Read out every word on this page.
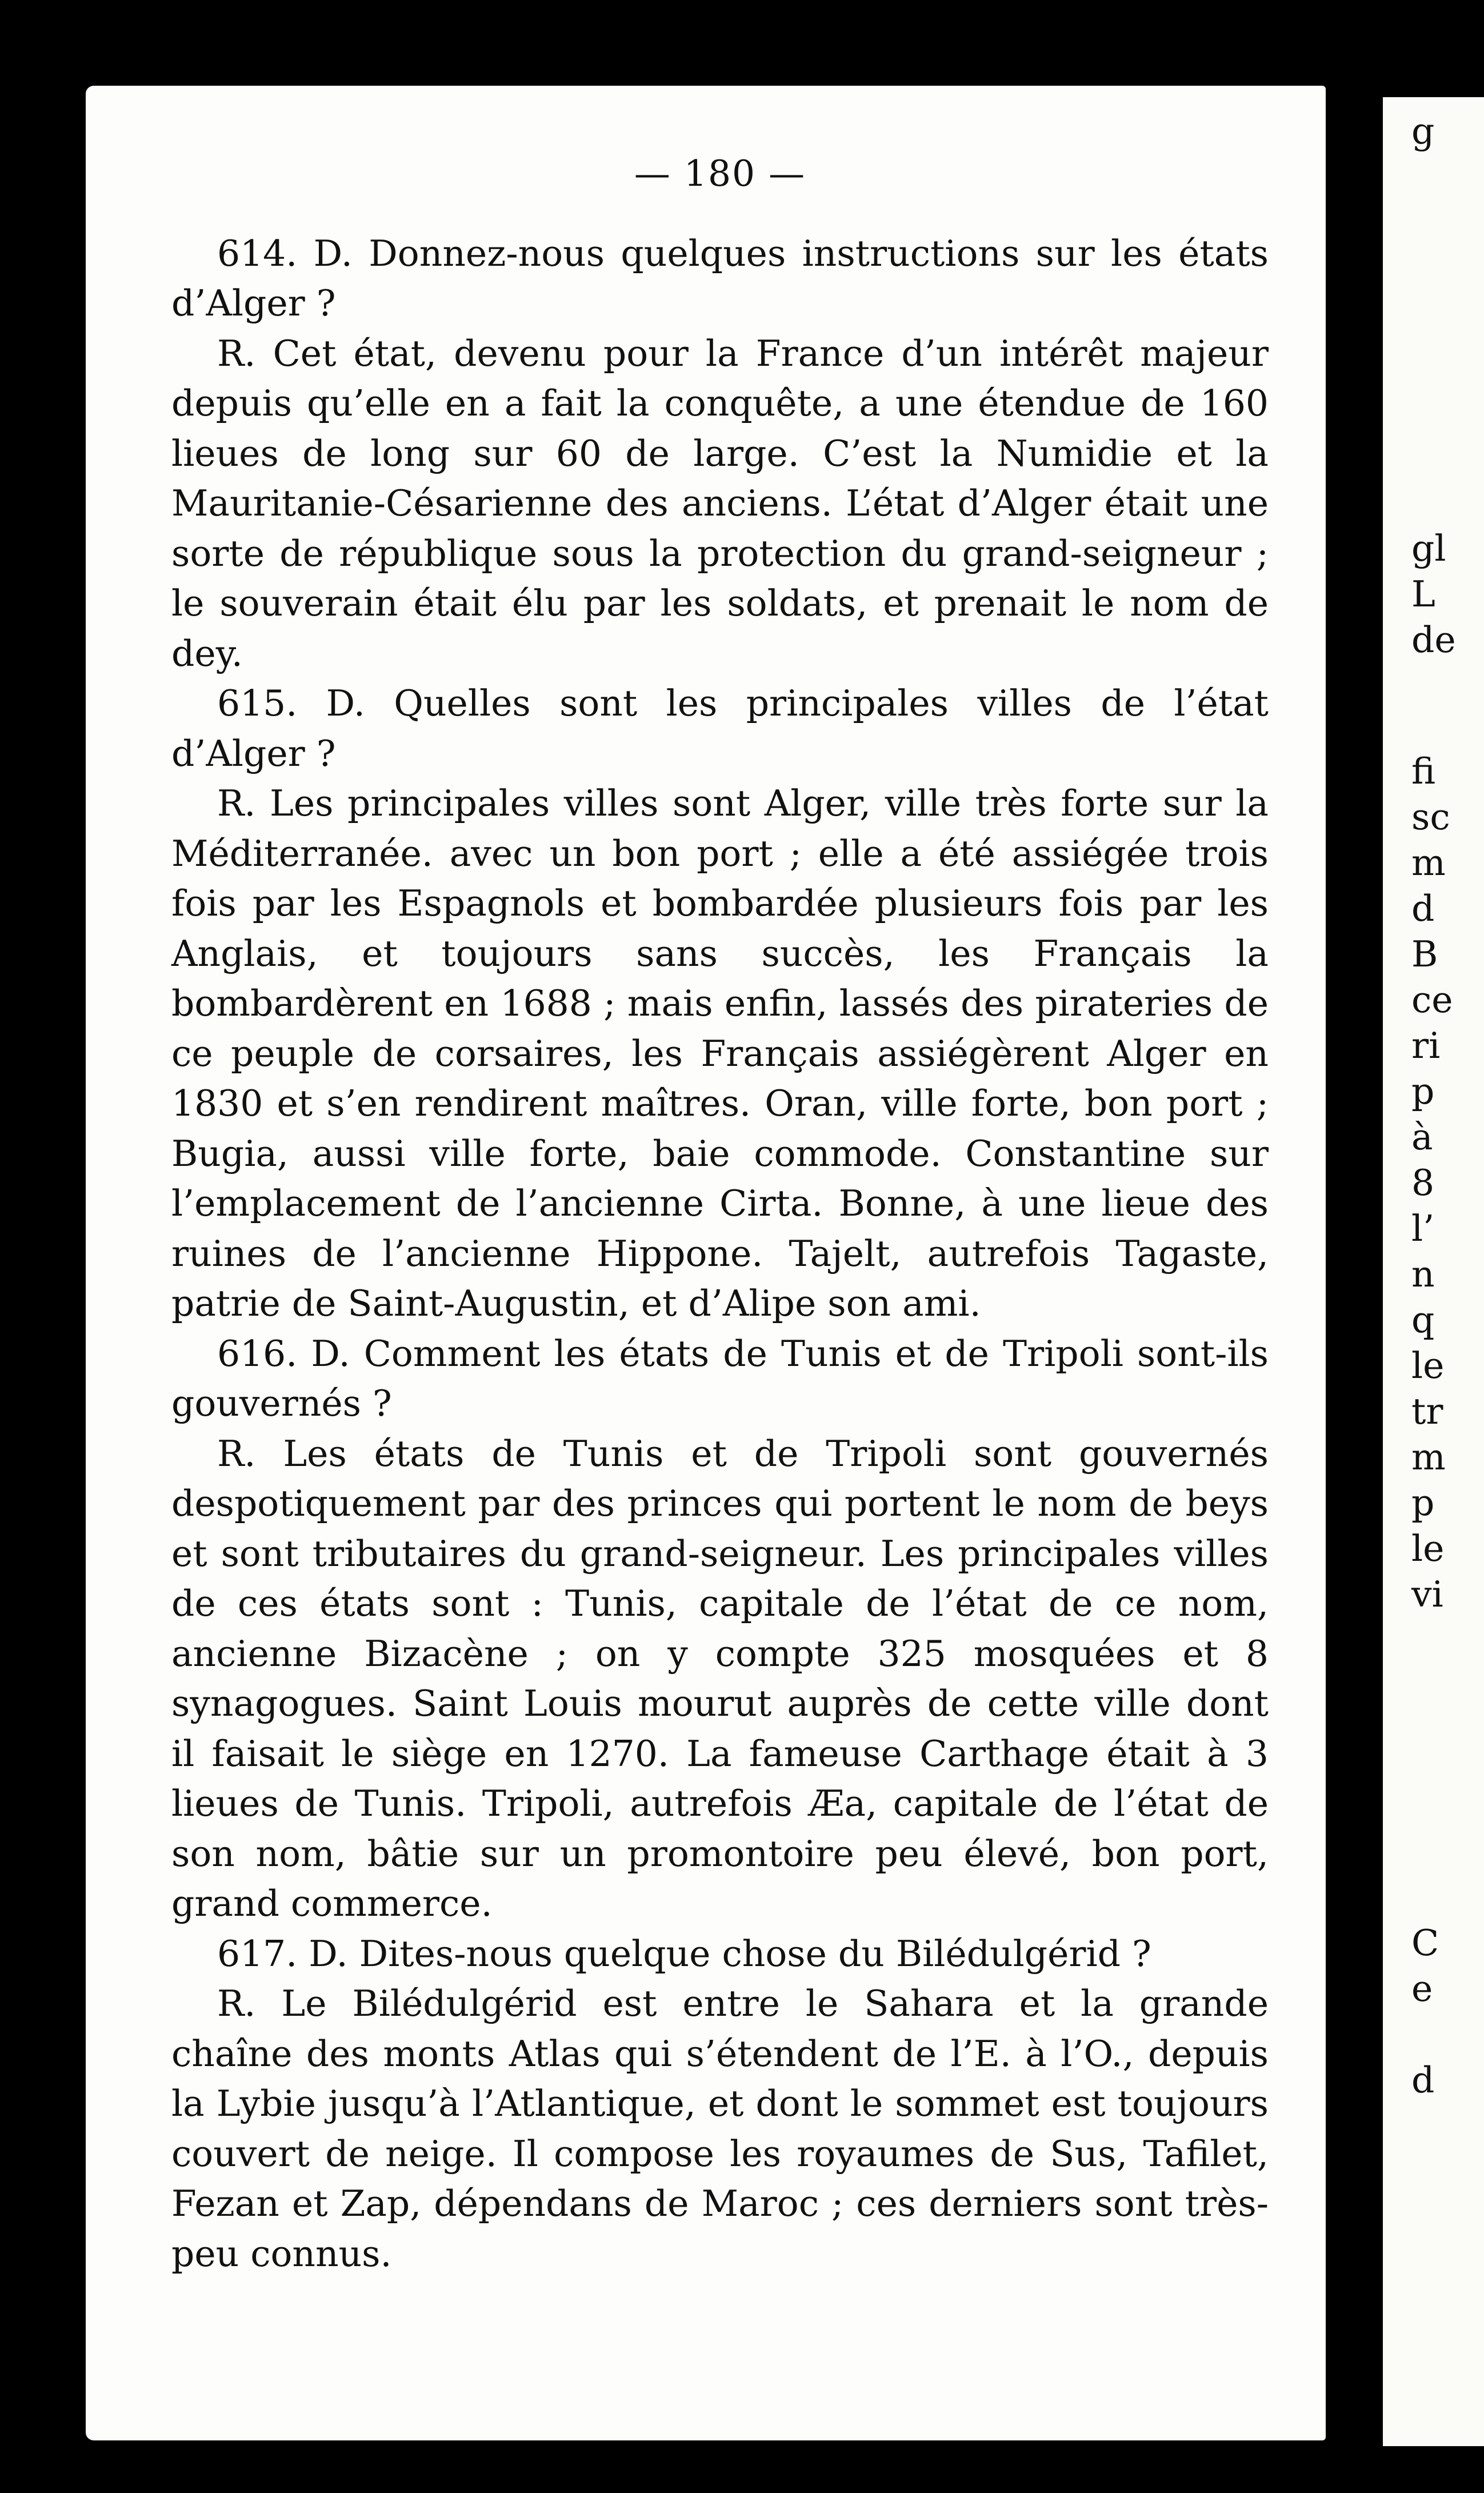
— 180 —

614. D. Donnez-nous quelques instructions sur les états d’Alger ?

R. Cet état, devenu pour la France d’un intérêt majeur depuis qu’elle en a fait la conquête, a une étendue de 160 lieues de long sur 60 de large. C’est la Numidie et la Mauritanie-Césarienne des anciens. L’état d’Alger était une sorte de république sous la protection du grand-seigneur ; le souverain était élu par les soldats, et prenait le nom de dey.

615. D. Quelles sont les principales villes de l’état d’Alger ?

R. Les principales villes sont Alger, ville très forte sur la Méditerranée. avec un bon port ; elle a été assiégée trois fois par les Espagnols et bombardée plusieurs fois par les Anglais, et toujours sans succès, les Français la bombardèrent en 1688 ; mais enfin, lassés des pirateries de ce peuple de corsaires, les Français assiégèrent Alger en 1830 et s’en rendirent maîtres. Oran, ville forte, bon port ; Bugia, aussi ville forte, baie commode. Constantine sur l’emplacement de l’ancienne Cirta. Bonne, à une lieue des ruines de l’ancienne Hippone. Tajelt, autrefois Tagaste, patrie de Saint-Augustin, et d’Alipe son ami.

616. D. Comment les états de Tunis et de Tripoli sont-ils gouvernés ?

R. Les états de Tunis et de Tripoli sont gouvernés despotiquement par des princes qui portent le nom de beys et sont tributaires du grand-seigneur. Les principales villes de ces états sont : Tunis, capitale de l’état de ce nom, ancienne Bizacène ; on y compte 325 mosquées et 8 synagogues. Saint Louis mourut auprès de cette ville dont il faisait le siège en 1270. La fameuse Carthage était à 3 lieues de Tunis. Tripoli, autrefois Æa, capitale de l’état de son nom, bâtie sur un promontoire peu élevé, bon port, grand commerce.

617. D. Dites-nous quelque chose du Bilédulgérid ?

R. Le Bilédulgérid est entre le Sahara et la grande chaîne des monts Atlas qui s’étendent de l’E. à l’O., depuis la Lybie jusqu’à l’Atlantique, et dont le sommet est toujours couvert de neige. Il compose les royaumes de Sus, Tafilet, Fezan et Zap, dépendans de Maroc ; ces derniers sont très-peu connus.

g
gl
L
de
fi
sc
m
d
B
ce
ri
p
à
8
l’
n
q
le
tr
m
p
le
vi
C
e
d
